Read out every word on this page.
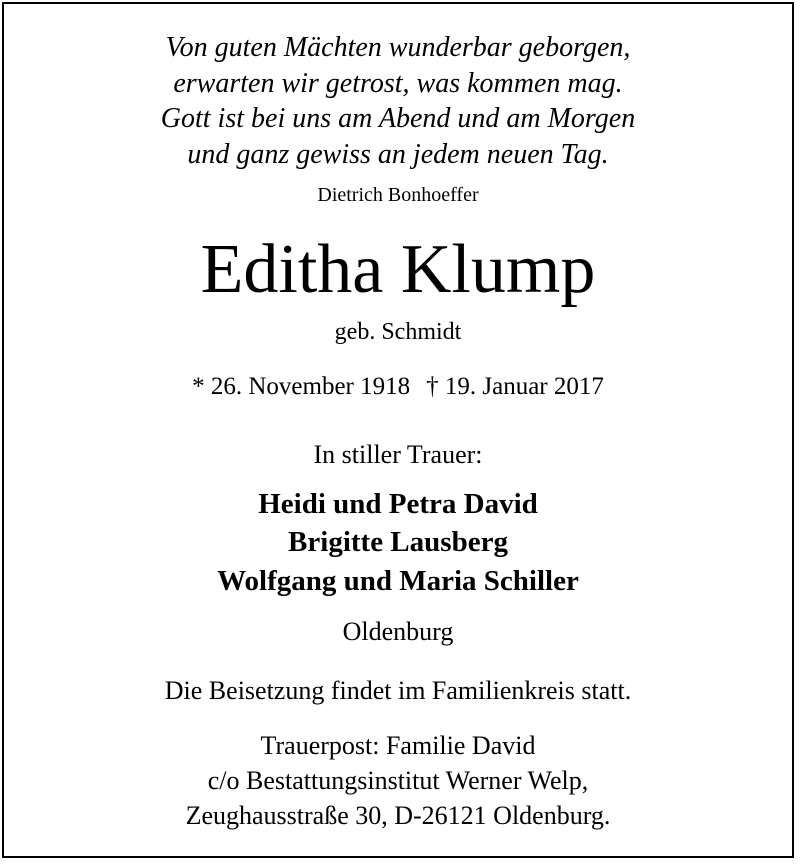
Von guten Mächten wunderbar geborgen,
erwarten wir getrost, was kommen mag.
Gott ist bei uns am Abend und am Morgen
und ganz gewiss an jedem neuen Tag.
Dietrich Bonhoeffer
Editha Klump
geb. Schmidt
* 26. November 1918 † 19. Januar 2017
In stiller Trauer:
Heidi und Petra David
Brigitte Lausberg
Wolfgang und Maria Schiller
Oldenburg
Die Beisetzung findet im Familienkreis statt.
Trauerpost: Familie David
c/o Bestattungsinstitut Werner Welp,
Zeughausstraße 30, D-26121 Oldenburg.
